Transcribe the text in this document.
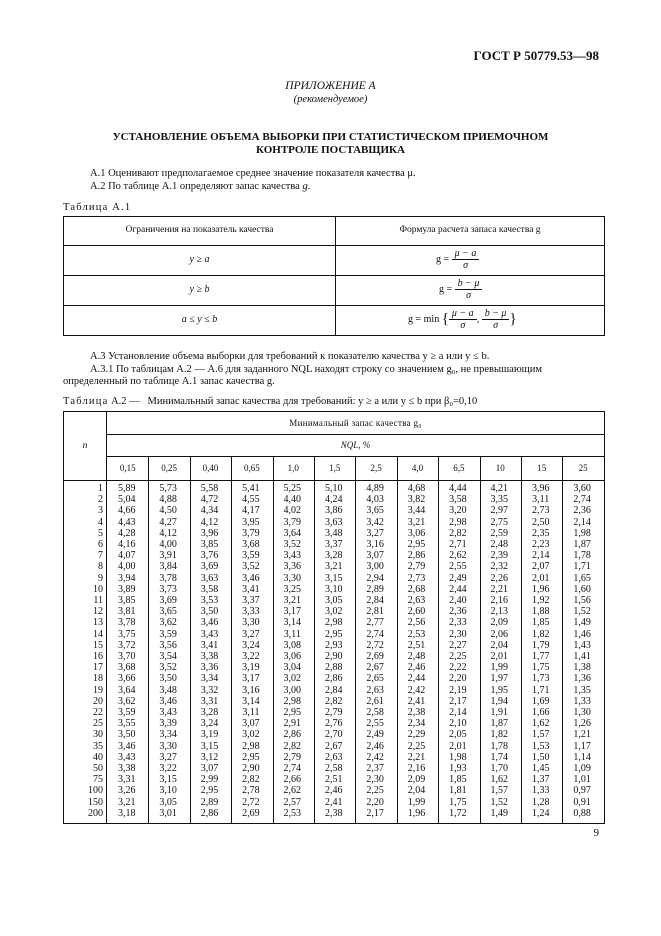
ГОСТ Р 50779.53—98
ПРИЛОЖЕНИЕ А
(рекомендуемое)
УСТАНОВЛЕНИЕ ОБЪЕМА ВЫБОРКИ ПРИ СТАТИСТИЧЕСКОМ ПРИЕМОЧНОМ
КОНТРОЛЕ ПОСТАВЩИКА
А.1 Оценивают предполагаемое среднее значение показателя качества μ.
А.2 По таблице А.1 определяют запас качества g.
Таблица А.1
Ограничения на показатель качества	Формула расчета запаса качества g
y ≥ a	$g = \frac{\mu - a}{\sigma}$
y ≥ b	$g = \frac{b - \mu}{\sigma}$
a ≤ y ≤ b	g = min { $\frac{\mu - a}{\sigma}$ , $\frac{b - \mu}{\sigma}$ }
А.3 Установление объема выборки для требований к показателю качества y ≥ a или y ≤ b.
А.3.1 По таблицам А.2 — А.6 для заданного NQL находят строку со значением g₀, не превышающим
определенный по таблице А.1 запас качества g.
Таблица А.2 — Минимальный запас качества для требований: y ≥ a или y ≤ b при β₀=0,10
n
Минимальный запас качества g₀
NQL, %
0,15	0,25	0,40	0,65	1,0	1,5	2,5	4,0	6,5	10	15	25
1	5,89	5,73	5,58	5,41	5,25	5,10	4,89	4,68	4,44	4,21	3,96	3,60
2	5,04	4,88	4,72	4,55	4,40	4,24	4,03	3,82	3,58	3,35	3,11	2,74
3	4,66	4,50	4,34	4,17	4,02	3,86	3,65	3,44	3,20	2,97	2,73	2,36
4	4,43	4,27	4,12	3,95	3,79	3,63	3,42	3,21	2,98	2,75	2,50	2,14
5	4,28	4,12	3,96	3,79	3,64	3,48	3,27	3,06	2,82	2,59	2,35	1,98
6	4,16	4,00	3,85	3,68	3,52	3,37	3,16	2,95	2,71	2,48	2,23	1,87
7	4,07	3,91	3,76	3,59	3,43	3,28	3,07	2,86	2,62	2,39	2,14	1,78
8	4,00	3,84	3,69	3,52	3,36	3,21	3,00	2,79	2,55	2,32	2,07	1,71
9	3,94	3,78	3,63	3,46	3,30	3,15	2,94	2,73	2,49	2,26	2,01	1,65
10	3,89	3,73	3,58	3,41	3,25	3,10	2,89	2,68	2,44	2,21	1,96	1,60
11	3,85	3,69	3,53	3,37	3,21	3,05	2,84	2,63	2,40	2,16	1,92	1,56
12	3,81	3,65	3,50	3,33	3,17	3,02	2,81	2,60	2,36	2,13	1,88	1,52
13	3,78	3,62	3,46	3,30	3,14	2,98	2,77	2,56	2,33	2,09	1,85	1,49
14	3,75	3,59	3,43	3,27	3,11	2,95	2,74	2,53	2,30	2,06	1,82	1,46
15	3,72	3,56	3,41	3,24	3,08	2,93	2,72	2,51	2,27	2,04	1,79	1,43
16	3,70	3,54	3,38	3,22	3,06	2,90	2,69	2,48	2,25	2,01	1,77	1,41
17	3,68	3,52	3,36	3,19	3,04	2,88	2,67	2,46	2,22	1,99	1,75	1,38
18	3,66	3,50	3,34	3,17	3,02	2,86	2,65	2,44	2,20	1,97	1,73	1,36
19	3,64	3,48	3,32	3,16	3,00	2,84	2,63	2,42	2,19	1,95	1,71	1,35
20	3,62	3,46	3,31	3,14	2,98	2,82	2,61	2,41	2,17	1,94	1,69	1,33
22	3,59	3,43	3,28	3,11	2,95	2,79	2,58	2,38	2,14	1,91	1,66	1,30
25	3,55	3,39	3,24	3,07	2,91	2,76	2,55	2,34	2,10	1,87	1,62	1,26
30	3,50	3,34	3,19	3,02	2,86	2,70	2,49	2,29	2,05	1,82	1,57	1,21
35	3,46	3,30	3,15	2,98	2,82	2,67	2,46	2,25	2,01	1,78	1,53	1,17
40	3,43	3,27	3,12	2,95	2,79	2,63	2,42	2,21	1,98	1,74	1,50	1,14
50	3,38	3,22	3,07	2,90	2,74	2,58	2,37	2,16	1,93	1,70	1,45	1,09
75	3,31	3,15	2,99	2,82	2,66	2,51	2,30	2,09	1,85	1,62	1,37	1,01
100	3,26	3,10	2,95	2,78	2,62	2,46	2,25	2,04	1,81	1,57	1,33	0,97
150	3,21	3,05	2,89	2,72	2,57	2,41	2,20	1,99	1,75	1,52	1,28	0,91
200	3,18	3,01	2,86	2,69	2,53	2,38	2,17	1,96	1,72	1,49	1,24	0,88
9
